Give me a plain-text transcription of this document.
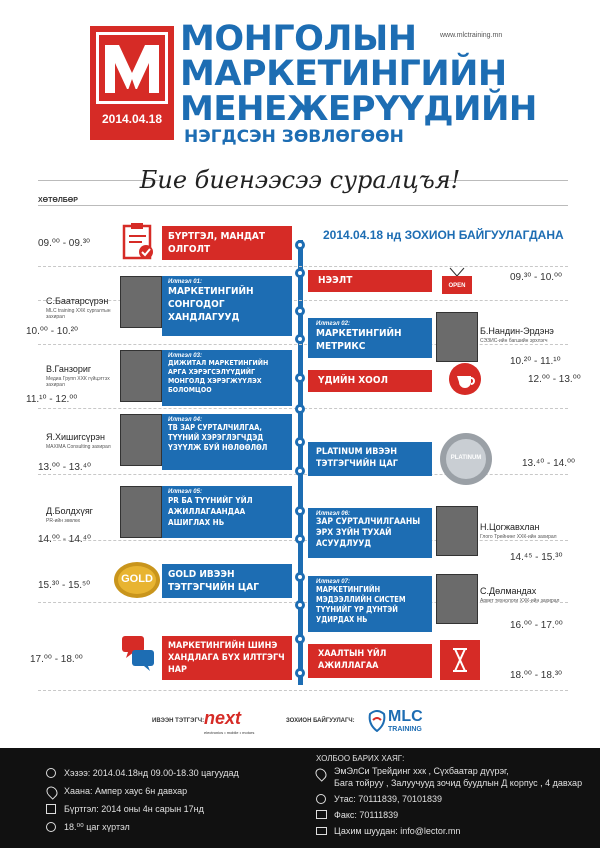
2014.04.18
МОНГОЛЫН
МАРКЕТИНГИЙН
МЕНЕЖЕРҮҮДИЙН
НЭГДСЭН ЗӨВЛӨГӨӨН
www.mlctraining.mn
Бие биенээсээ суралцъя!
ХӨТӨЛБӨР
2014.04.18 нд ЗОХИОН БАЙГУУЛАГДАНА
09.⁰⁰ - 09.³⁰
БҮРТГЭЛ, МАНДАТ ОЛГОЛТ
С.Баатарсүрэн
MLC training ХХК сургалтын захирал
10.⁰⁰ - 10.²⁰
Илтгэл 01:
МАРКЕТИНГИЙН СОНГОДОГ ХАНДЛАГУУД
В.Ганзориг
Медиа Групп ХХК гүйцэтгэх захирал
11.¹⁰ - 12.⁰⁰
Илтгэл 03:
ДИЖИТАЛ МАРКЕТИНГИЙН АРГА ХЭРЭГСЭЛҮҮДИЙГ МОНГОЛД ХЭРЭГЖҮҮЛЭХ БОЛОМЦОО
Я.Хишигсүрэн
MAXIMA Consulting захирал
13.⁰⁰ - 13.⁴⁰
Илтгэл 04:
ТВ ЗАР СУРТАЛЧИЛГАА, ТҮҮНИЙ ХЭРЭГЛЭГЧДЭД ҮЗҮҮЛЖ БУЙ НӨЛӨӨЛӨЛ
Д.Болдхүяг
PR-ийн зөвлөх
14.⁰⁰ - 14.⁴⁰
Илтгэл 05:
PR БА ТҮҮНИЙГ ҮЙЛ АЖИЛЛАГААНДАА АШИГЛАХ НЬ
15.³⁰ - 15.⁵⁰
GOLD	GOLD ИВЭЭН ТЭТГЭГЧИЙН ЦАГ
17.⁰⁰ - 18.⁰⁰
МАРКЕТИНГИЙН ШИНЭ ХАНДЛАГА БҮХ ИЛТГЭГЧ НАР
НЭЭЛТ	OPEN
09.³⁰ - 10.⁰⁰
Илтгэл 02:
МАРКЕТИНГИЙН МЕТРИКС
Б.Нандин-Эрдэнэ
СЭЗИС-ийн багшийн эрхлэгч
10.²⁰ - 11.¹⁰
ҮДИЙН ХООЛ	12.⁰⁰ - 13.⁰⁰
PLATINUM ИВЭЭН ТЭТГЭГЧИЙН ЦАГ
PLATINUM	13.⁴⁰ - 14.⁰⁰
Илтгэл 06:
ЗАР СУРТАЛЧИЛГААНЫ ЭРХ ЗҮЙН ТУХАЙ АСУУДЛУУД
Н.Цогжавхлан
Глого Трейнинг ХХК-ийн захирал
14.⁴⁵ - 15.³⁰
Илтгэл 07:
МАРКЕТИНГИЙН МЭДЭЭЛЛИЙН СИСТЕМ ТҮҮНИЙГ ҮР ДҮНТЭЙ УДИРДАХ НЬ
С.Дөлмандах
Арвет технологи ХХК-ийн захирал
16.⁰⁰ - 17.⁰⁰
ХААЛТЫН ҮЙЛ АЖИЛЛАГАА
18.⁰⁰ - 18.³⁰
ИВЭЭН ТЭТГЭГЧ: next
electronics • mobile • motors
ЗОХИОН БАЙГУУЛАГЧ: MLC
TRAINING
ХОЛБОО БАРИХ ХАЯГ:
Хэзээ: 2014.04.18нд 09.00-18.30 цагуудад
Хаана: Ампер хаус 6н давхар
Бүртгэл: 2014 оны 4н сарын 17нд
18.⁰⁰ цаг хүртэл
ЭмЭлСи Трейдинг ххк , Сүхбаатар дүүрэг,
Бага тойруу , Залуучууд зочид буудлын Д корпус , 4 давхар
Утас: 70111839, 70101839
Факс: 70111839
Цахим шуудан: info@lector.mn
